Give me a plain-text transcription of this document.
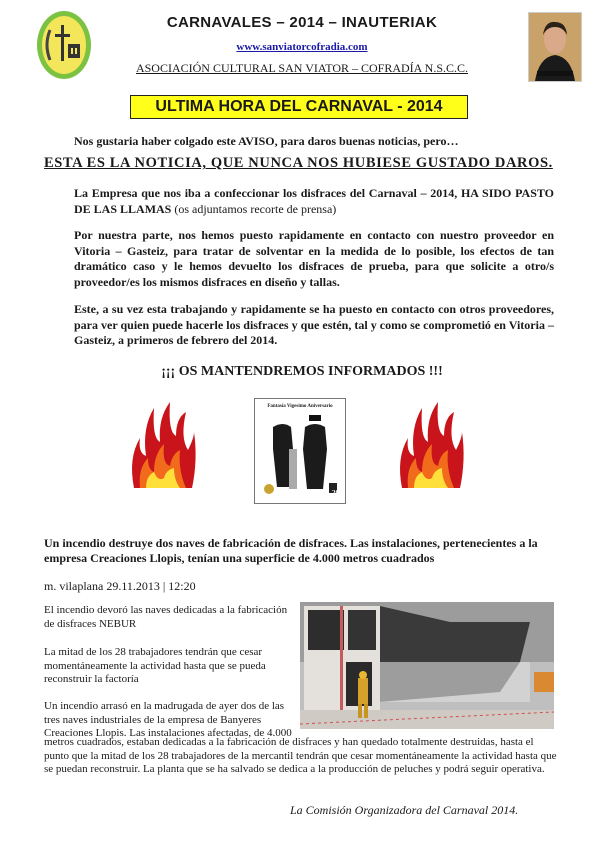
CARNAVALES – 2014 – INAUTERIAK
www.sanviatorcofradia.com
ASOCIACIÓN CULTURAL SAN VIATOR – COFRADÍA N.S.C.C.
ULTIMA HORA DEL CARNAVAL - 2014
Nos gustaria haber colgado este AVISO, para daros buenas noticias, pero…
ESTA ES LA NOTICIA, QUE NUNCA NOS HUBIESE GUSTADO DAROS.
La Empresa que nos iba a confeccionar los disfraces del Carnaval – 2014, HA SIDO PASTO DE LAS LLAMAS (os adjuntamos recorte de prensa)
Por nuestra parte, nos hemos puesto rapidamente en contacto con nuestro proveedor en Vitoria – Gasteiz, para tratar de solventar en la medida de lo posible, los efectos de tan dramático caso y le hemos devuelto los disfraces de prueba, para que solicite a otro/s proveedor/es los mismos disfraces en diseño y tallas.
Este, a su vez esta trabajando y rapidamente se ha puesto en contacto con otros proveedores, para ver quien puede hacerle los disfraces y que estén, tal y como se comprometió en Vitoria – Gasteiz, a primeros de febrero del 2014.
¡¡¡ OS MANTENDREMOS INFORMADOS !!!
Fantasía Vigesimo Aniversario
20
Un incendio destruye dos naves de fabricación de disfraces. Las instalaciones, pertenecientes a la empresa Creaciones Llopis, tenían una superficie de 4.000 metros cuadrados
m. vilaplana 29.11.2013 | 12:20
El incendio devoró las naves dedicadas a la fabricación de disfraces NEBUR
La mitad de los 28 trabajadores tendrán que cesar momentáneamente la actividad hasta que se pueda reconstruir la factoría
Un incendio arrasó en la madrugada de ayer dos de las tres naves industriales de la empresa de Banyeres Creaciones Llopis. Las instalaciones afectadas, de 4.000
metros cuadrados, estaban dedicadas a la fabricación de disfraces y han quedado totalmente destruidas, hasta el punto que la mitad de los 28 trabajadores de la mercantil tendrán que cesar momentáneamente la actividad hasta que se puedan reconstruir. La planta que se ha salvado se dedica a la producción de peluches y podrá seguir operativa.
La Comisión Organizadora del Carnaval 2014.
